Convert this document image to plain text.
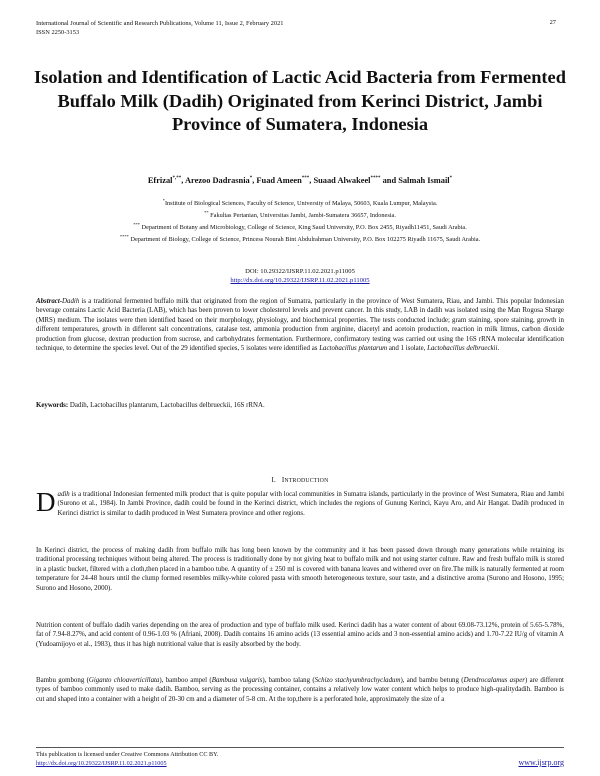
International Journal of Scientific and Research Publications, Volume 11, Issue 2, February 2021
ISSN 2250-3153
27
Isolation and Identification of Lactic Acid Bacteria from Fermented Buffalo Milk (Dadih) Originated from Kerinci District, Jambi Province of Sumatera, Indonesia
Efrizal*,**, Arezoo Dadrasnia*, Fuad Ameen***, Suaad Alwakeel**** and Salmah Ismail*
*Institute of Biological Sciences, Faculty of Science, University of Malaya, 50603, Kuala Lumpur, Malaysia.
** Fakultas Pertanian, Universitas Jambi, Jambi-Sumatera 36657, Indonesia.
*** Department of Botany and Microbiology, College of Science, King Saud University, P.O. Box 2455, Riyadh11451, Saudi Arabia.
**** Department of Biology, College of Science, Princess Nourah Bint Abdulrahman University, P.O. Box 102275 Riyadh 11675, Saudi Arabia.
.
DOI: 10.29322/IJSRP.11.02.2021.p11005
http://dx.doi.org/10.29322/IJSRP.11.02.2021.p11005
Abstract-Dadih is a traditional fermented buffalo milk that originated from the region of Sumatra, particularly in the province of West Sumatera, Riau, and Jambi. This popular Indonesian beverage contains Lactic Acid Bacteria (LAB), which has been proven to lower cholesterol levels and prevent cancer. In this study, LAB in dadih was isolated using the Man Rogosa Sharge (MRS) medium. The isolates were then identified based on their morphology, physiology, and biochemical properties. The tests conducted include; gram staining, spore staining, growth in different temperatures, growth in different salt concentrations, catalase test, ammonia production from arginine, diacetyl and acetoin production, reaction in milk litmus, carbon dioxide production from glucose, dextran production from sucrose, and carbohydrates fermentation. Furthermore, confirmatory testing was carried out using the 16S rRNA molecular identification technique, to determine the species level. Out of the 29 identified species, 5 isolates were identified as Lactobacillus plantarum and 1 isolate, Lactobacillus delbrueckii.
Keywords: Dadih, Lactobacillus plantarum, Lactobacillus delbrueckii, 16S rRNA.
I. INTRODUCTION
Dadih is a traditional Indonesian fermented milk product that is quite popular with local communities in Sumatra islands, particularly in the province of West Sumatera, Riau and Jambi (Surono et al., 1984). In Jambi Province, dadih could be found in the Kerinci district, which includes the regions of Gunung Kerinci, Kayu Aro, and Air Hangat. Dadih produced in Kerinci district is similar to dadih produced in West Sumatera province and other regions.
In Kerinci district, the process of making dadih from buffalo milk has long been known by the community and it has been passed down through many generations while retaining its traditional processing techniques without being altered. The process is traditionally done by not giving heat to buffalo milk and not using starter culture. Raw and fresh buffalo milk is stored in a plastic bucket, filtered with a cloth,then placed in a bamboo tube. A quantity of ± 250 ml is covered with banana leaves and withered over on fire.The milk is naturally fermented at room temperature for 24-48 hours until the clump formed resembles milky-white colored pasta with smooth heterogeneous texture, sour taste, and a distinctive aroma (Surono and Hosono, 1995; Surono and Hosono, 2000).
Nutrition content of buffalo dadih varies depending on the area of production and type of buffalo milk used. Kerinci dadih has a water content of about 69.08-73.12%, protein of 5.65-5.78%, fat of 7.94-8.27%, and acid content of 0.96-1.03 % (Afriani, 2008). Dadih contains 16 amino acids (13 essential amino acids and 3 non-essential amino acids) and 1.70-7.22 IU/g of vitamin A (Yudoamijoyo et al., 1983), thus it has high nutritional value that is easily absorbed by the body.
Bambu gombong (Giganto chloaverticillata), bamboo ampel (Bambusa vulgaris), bamboo talang (Schizo stachyumbrachycladum), and bambu betung (Dendrocalamus asper) are different types of bamboo commonly used to make dadih. Bamboo, serving as the processing container, contains a relatively low water content which helps to produce high-qualitydadih. Bamboo is cut and shaped into a container with a height of 20-30 cm and a diameter of 5-8 cm. At the top,there is a perforated hole, approximately the size of a
This publication is licensed under Creative Commons Attribution CC BY.
http://dx.doi.org/10.29322/IJSRP.11.02.2021.p11005	www.ijsrp.org
